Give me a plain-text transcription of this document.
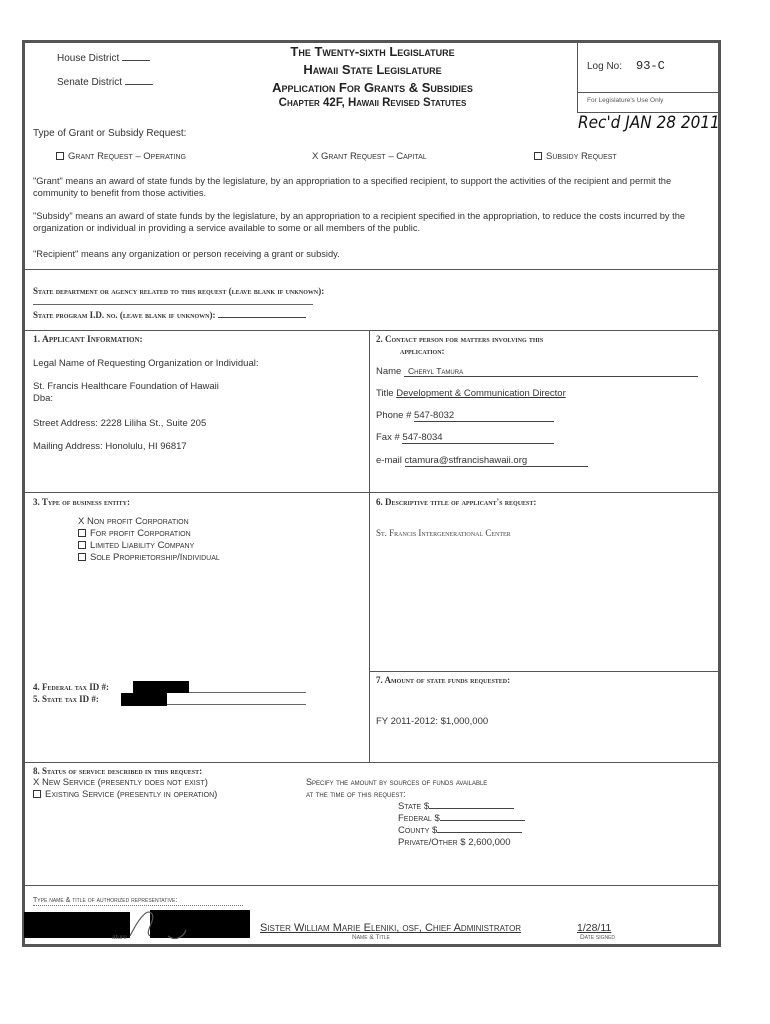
House District
Senate District
The Twenty-sixth Legislature
Hawaii State Legislature
Application For Grants & Subsidies
Chapter 42F, Hawaii Revised Statutes
Log No: 93-C
For Legislature's Use Only
Rec'd JAN 28 2011
Type of Grant or Subsidy Request:
Grant Request – Operating	X Grant Request – Capital	Subsidy Request
"Grant" means an award of state funds by the legislature, by an appropriation to a specified recipient, to support the activities of the recipient and permit the community to benefit from those activities.
"Subsidy" means an award of state funds by the legislature, by an appropriation to a recipient specified in the appropriation, to reduce the costs incurred by the organization or individual in providing a service available to some or all members of the public.
"Recipient" means any organization or person receiving a grant or subsidy.
State department or agency related to this request (leave blank if unknown):
State program I.D. no. (leave blank if unknown):
1. Applicant Information:
Legal Name of Requesting Organization or Individual:
St. Francis Healthcare Foundation of Hawaii
Dba:
Street Address: 2228 Liliha St., Suite 205
Mailing Address: Honolulu, HI 96817
2. Contact person for matters involving this
application:
Name Cheryl Tamura
Title Development & Communication Director
Phone # 547-8032
Fax # 547-8034
e-mail ctamura@stfrancishawaii.org
3. Type of business entity:
X Non profit Corporation
For profit Corporation
Limited Liability Company
Sole Proprietorship/Individual
6. Descriptive title of applicant's request:
St. Francis Intergenerational Center
4. Federal tax ID #:
5. State tax ID #:
7. Amount of state funds requested:
FY 2011-2012: $1,000,000
8. Status of service described in this request:
X New Service (presently does not exist)
Existing Service (presently in operation)
Specify the amount by sources of funds available
at the time of this request:
State $
Federal $
County $
Private/Other $ 2,600,000
Type name & title of authorized representative:
ature
Sister William Marie Eleniki, osf, Chief Administrator
Name & Title
1/28/11
Date signed
